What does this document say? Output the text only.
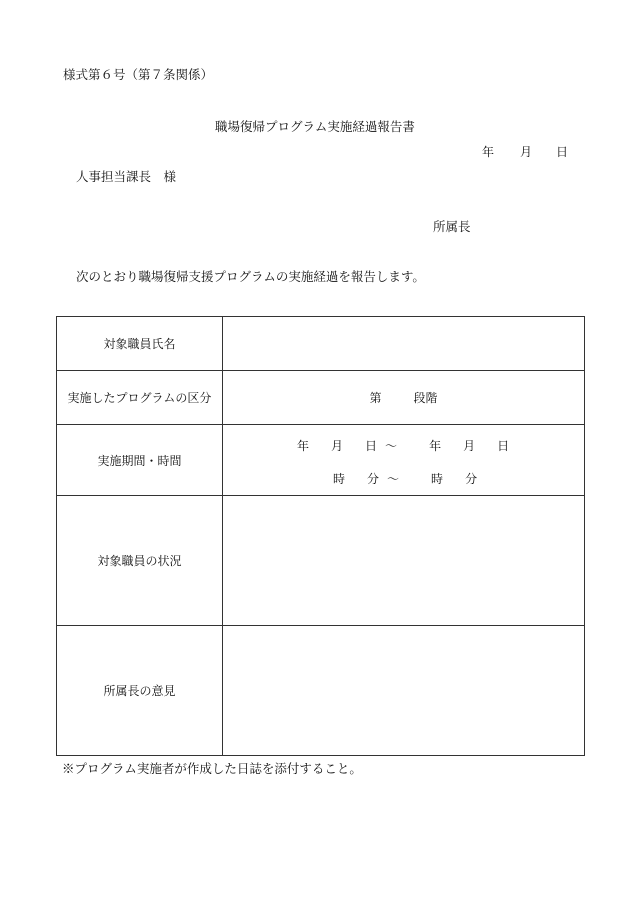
様式第６号（第７条関係）
職場復帰プログラム実施経過報告書
年 月 日
人事担当課長　様
所属長
次のとおり職場復帰支援プログラムの実施経過を報告します。
対象職員氏名	
実施したプログラムの区分	第 段階
実施期間・時間	年 月 日 ～ 年 月 日
時 分 ～ 時 分

対象職員の状況	
所属長の意見	
※プログラム実施者が作成した日誌を添付すること。
